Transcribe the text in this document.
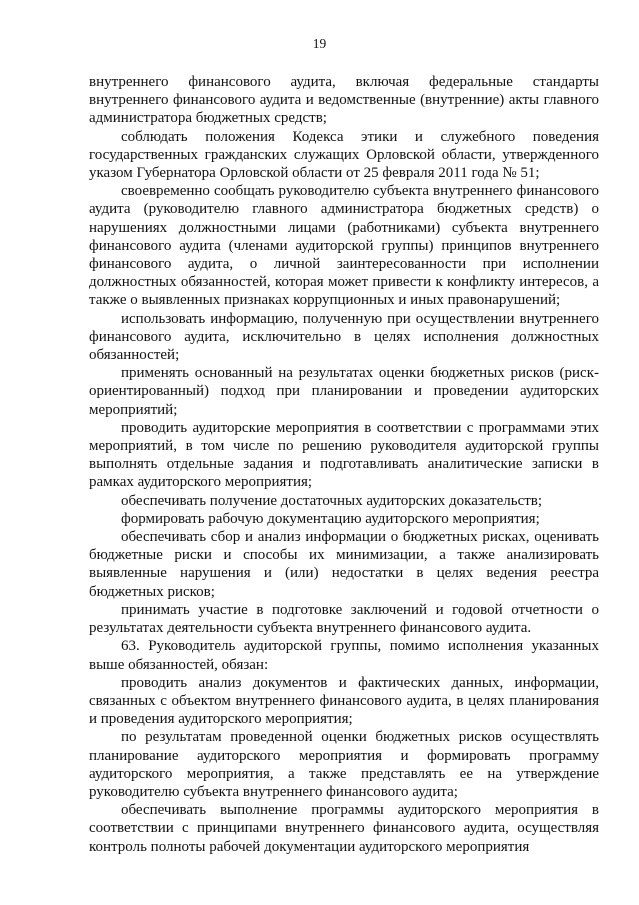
19

внутреннего финансового аудита, включая федеральные стандарты внутреннего финансового аудита и ведомственные (внутренние) акты главного администратора бюджетных средств;

соблюдать положения Кодекса этики и служебного поведения государственных гражданских служащих Орловской области, утвержденного указом Губернатора Орловской области от 25 февраля 2011 года № 51;

своевременно сообщать руководителю субъекта внутреннего финансового аудита (руководителю главного администратора бюджетных средств) о нарушениях должностными лицами (работниками) субъекта внутреннего финансового аудита (членами аудиторской группы) принципов внутреннего финансового аудита, о личной заинтересованности при исполнении должностных обязанностей, которая может привести к конфликту интересов, а также о выявленных признаках коррупционных и иных правонарушений;

использовать информацию, полученную при осуществлении внутреннего финансового аудита, исключительно в целях исполнения должностных обязанностей;

применять основанный на результатах оценки бюджетных рисков (риск-ориентированный) подход при планировании и проведении аудиторских мероприятий;

проводить аудиторские мероприятия в соответствии с программами этих мероприятий, в том числе по решению руководителя аудиторской группы выполнять отдельные задания и подготавливать аналитические записки в рамках аудиторского мероприятия;

обеспечивать получение достаточных аудиторских доказательств;

формировать рабочую документацию аудиторского мероприятия;

обеспечивать сбор и анализ информации о бюджетных рисках, оценивать бюджетные риски и способы их минимизации, а также анализировать выявленные нарушения и (или) недостатки в целях ведения реестра бюджетных рисков;

принимать участие в подготовке заключений и годовой отчетности о результатах деятельности субъекта внутреннего финансового аудита.

63. Руководитель аудиторской группы, помимо исполнения указанных выше обязанностей, обязан:

проводить анализ документов и фактических данных, информации, связанных с объектом внутреннего финансового аудита, в целях планирования и проведения аудиторского мероприятия;

по результатам проведенной оценки бюджетных рисков осуществлять планирование аудиторского мероприятия и формировать программу аудиторского мероприятия, а также представлять ее на утверждение руководителю субъекта внутреннего финансового аудита;

обеспечивать выполнение программы аудиторского мероприятия в соответствии с принципами внутреннего финансового аудита, осуществляя контроль полноты рабочей документации аудиторского мероприятия
